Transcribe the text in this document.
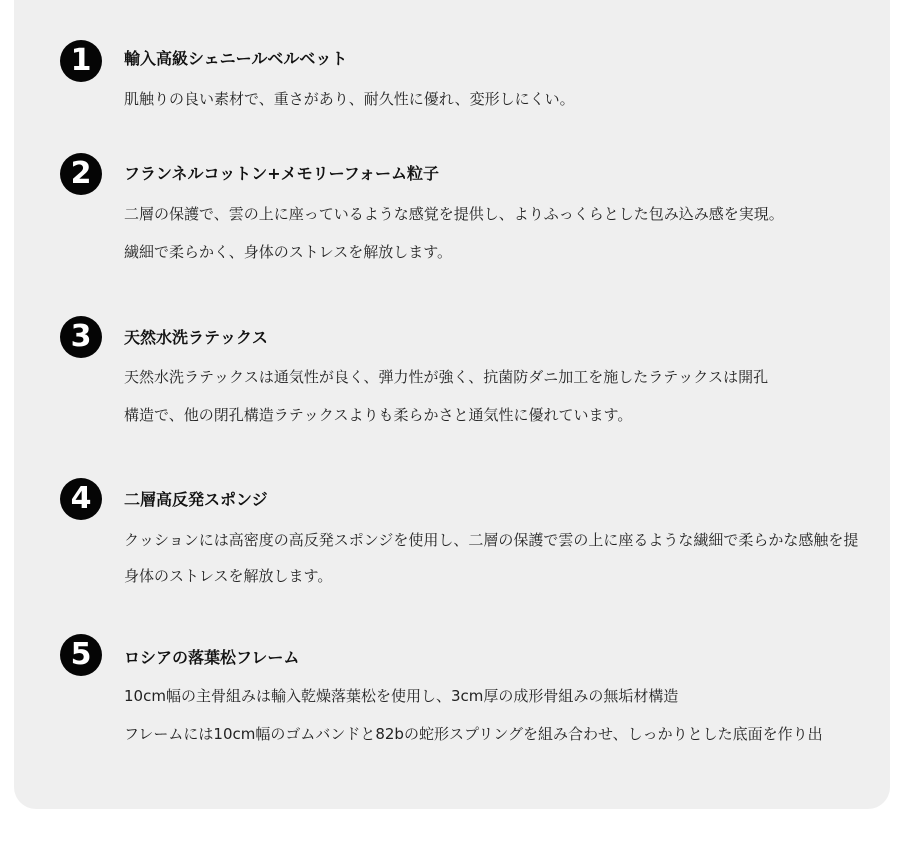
1	輸入高級シェニールベルベット
肌触りの良い素材で、重さがあり、耐久性に優れ、変形しにくい。
2	フランネルコットン+メモリーフォーム粒子
二層の保護で、雲の上に座っているような感覚を提供し、よりふっくらとした包み込み感を実現。
繊細で柔らかく、身体のストレスを解放します。
3	天然水洗ラテックス
天然水洗ラテックスは通気性が良く、弾力性が強く、抗菌防ダニ加工を施したラテックスは開孔
構造で、他の閉孔構造ラテックスよりも柔らかさと通気性に優れています。
4	二層高反発スポンジ
クッションには高密度の高反発スポンジを使用し、二層の保護で雲の上に座るような繊細で柔らかな感触を提
身体のストレスを解放します。
5	ロシアの落葉松フレーム
10cm幅の主骨組みは輸入乾燥落葉松を使用し、3cm厚の成形骨組みの無垢材構造
フレームには10cm幅のゴムバンドと82bの蛇形スプリングを組み合わせ、しっかりとした底面を作り出
